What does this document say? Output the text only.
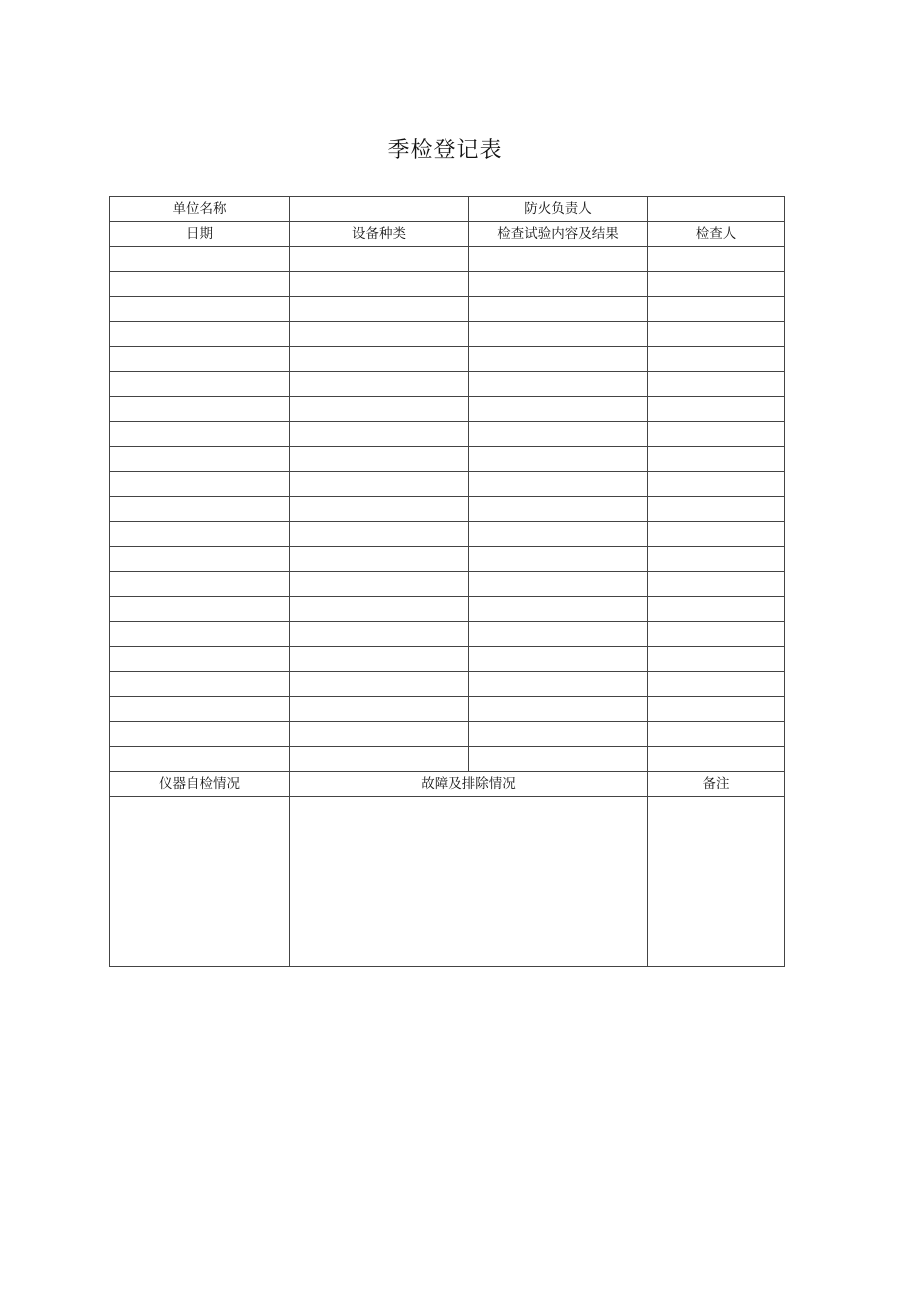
季检登记表
单位名称		防火负责人	
日期	设备种类	检查试验内容及结果	检查人

仪器自检情况	故障及排除情况		备注
